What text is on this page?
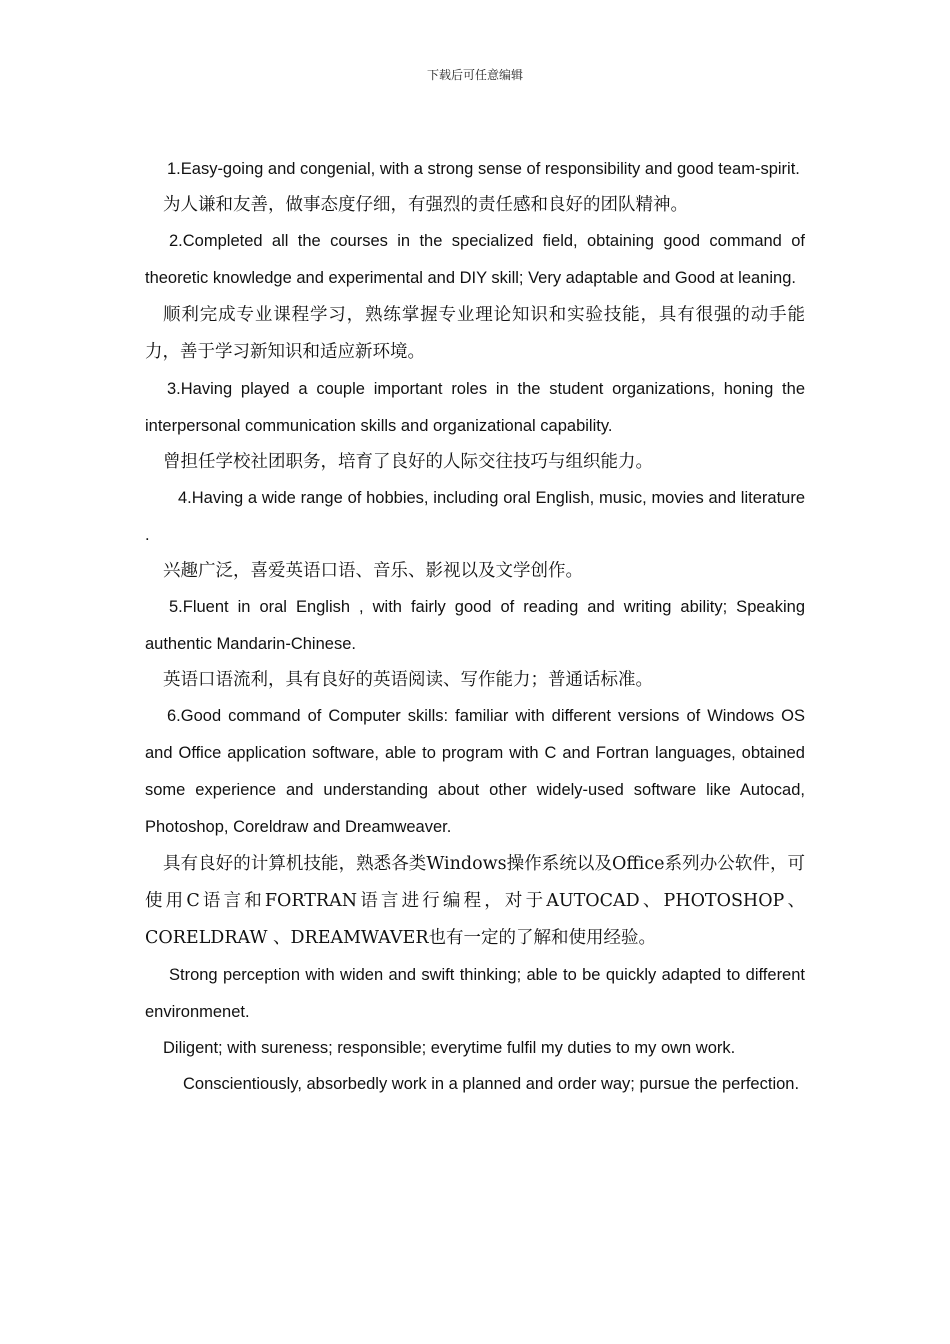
下载后可任意编辑

1.Easy-going and congenial, with a strong sense of responsibility and good team-spirit.

为人谦和友善，做事态度仔细，有强烈的责任感和良好的团队精神。

2.Completed all the courses in the specialized field, obtaining good command of theoretic knowledge and experimental and DIY skill; Very adaptable and Good at leaning.

顺利完成专业课程学习，熟练掌握专业理论知识和实验技能，具有很强的动手能力，善于学习新知识和适应新环境。

3.Having played a couple important roles in the student organizations, honing the interpersonal communication skills and organizational capability.

曾担任学校社团职务，培育了良好的人际交往技巧与组织能力。

4.Having a wide range of hobbies, including oral English, music, movies and literature .

兴趣广泛，喜爱英语口语、音乐、影视以及文学创作。

5.Fluent in oral English , with fairly good of reading and writing ability; Speaking authentic Mandarin-Chinese.

英语口语流利，具有良好的英语阅读、写作能力；普通话标准。

6.Good command of Computer skills: familiar with different versions of Windows OS and Office application software, able to program with C and Fortran languages, obtained some experience and understanding about other widely-used software like Autocad, Photoshop, Coreldraw and Dreamweaver.

具有良好的计算机技能，熟悉各类Windows操作系统以及Office系列办公软件，可使用C语言和FORTRAN语言进行编程，对于AUTOCAD、PHOTOSHOP、CORELDRAW 、DREAMWAVER也有一定的了解和使用经验。

Strong perception with widen and swift thinking; able to be quickly adapted to different environmenet.

Diligent; with sureness; responsible; everytime fulfil my duties to my own work.

Conscientiously, absorbedly work in a planned and order way; pursue the perfection.
